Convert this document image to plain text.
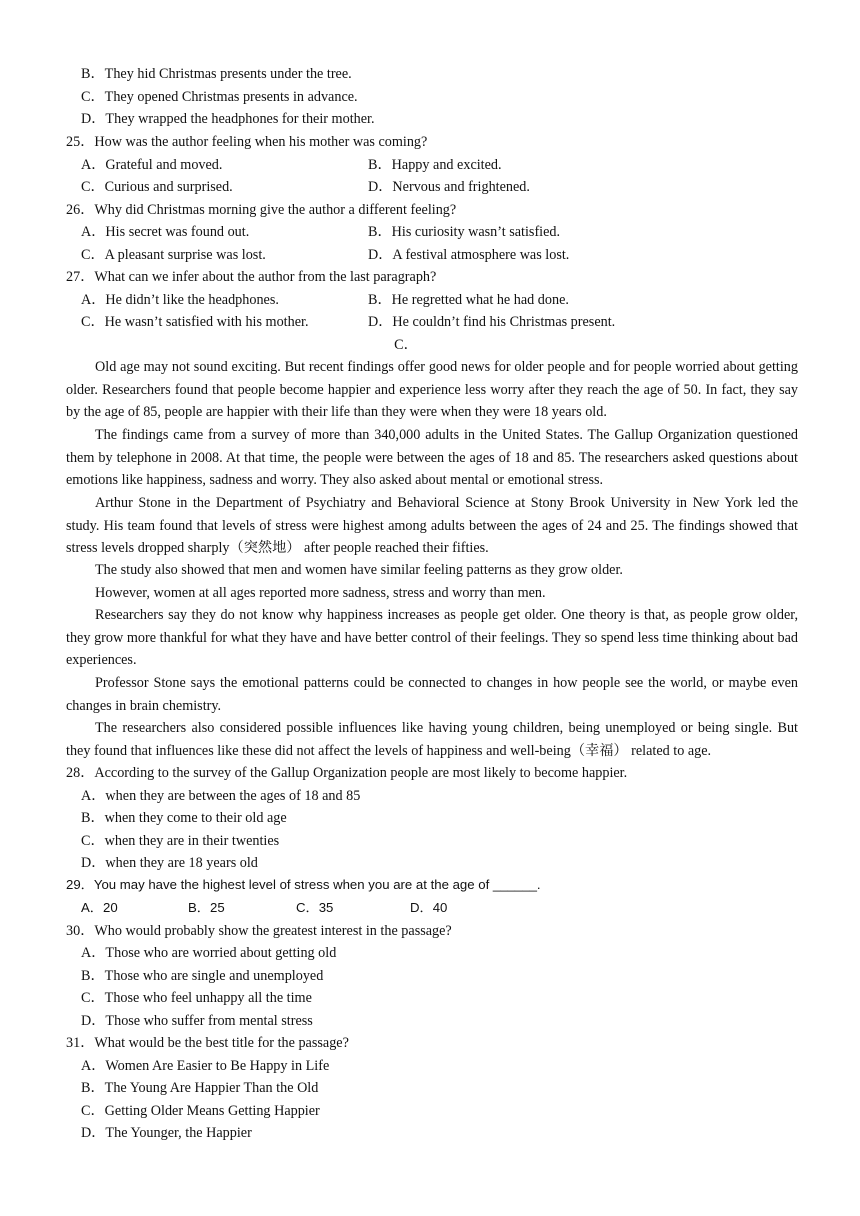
B．They hid Christmas presents under the tree.
C．They opened Christmas presents in advance.
D．They wrapped the headphones for their mother.
25．How was the author feeling when his mother was coming?
A．Grateful and moved.	B．Happy and excited.
C．Curious and surprised.	D．Nervous and frightened.
26．Why did Christmas morning give the author a different feeling?
A．His secret was found out.	B．His curiosity wasn’t satisfied.
C．A pleasant surprise was lost.	D．A festival atmosphere was lost.
27．What can we infer about the author from the last paragraph?
A．He didn’t like the headphones.	B．He regretted what he had done.
C．He wasn’t satisfied with his mother.	D．He couldn’t find his Christmas present.
C．
Old age may not sound exciting. But recent findings offer good news for older people and for people worried about getting older. Researchers found that people become happier and experience less worry after they reach the age of 50. In fact, they say by the age of 85, people are happier with their life than they were when they were 18 years old.
The findings came from a survey of more than 340,000 adults in the United States. The Gallup Organization questioned them by telephone in 2008. At that time, the people were between the ages of 18 and 85. The researchers asked questions about emotions like happiness, sadness and worry. They also asked about mental or emotional stress.
Arthur Stone in the Department of Psychiatry and Behavioral Science at Stony Brook University in New York led the study. His team found that levels of stress were highest among adults between the ages of 24 and 25. The findings showed that stress levels dropped sharply（突然地） after people reached their fifties.
The study also showed that men and women have similar feeling patterns as they grow older.
However, women at all ages reported more sadness, stress and worry than men.
Researchers say they do not know why happiness increases as people get older. One theory is that, as people grow older, they grow more thankful for what they have and have better control of their feelings. They so spend less time thinking about bad experiences.
Professor Stone says the emotional patterns could be connected to changes in how people see the world, or maybe even changes in brain chemistry.
The researchers also considered possible influences like having young children, being unemployed or being single. But they found that influences like these did not affect the levels of happiness and well-being（幸福） related to age.
28．According to the survey of the Gallup Organization people are most likely to become happier.
A．when they are between the ages of 18 and 85
B．when they come to their old age
C．when they are in their twenties
D．when they are 18 years old
29．You may have the highest level of stress when you are at the age of ______.
A．20	B．25	C．35	D．40
30．Who would probably show the greatest interest in the passage?
A．Those who are worried about getting old
B．Those who are single and unemployed
C．Those who feel unhappy all the time
D．Those who suffer from mental stress
31．What would be the best title for the passage?
A．Women Are Easier to Be Happy in Life
B．The Young Are Happier Than the Old
C．Getting Older Means Getting Happier
D．The Younger, the Happier
